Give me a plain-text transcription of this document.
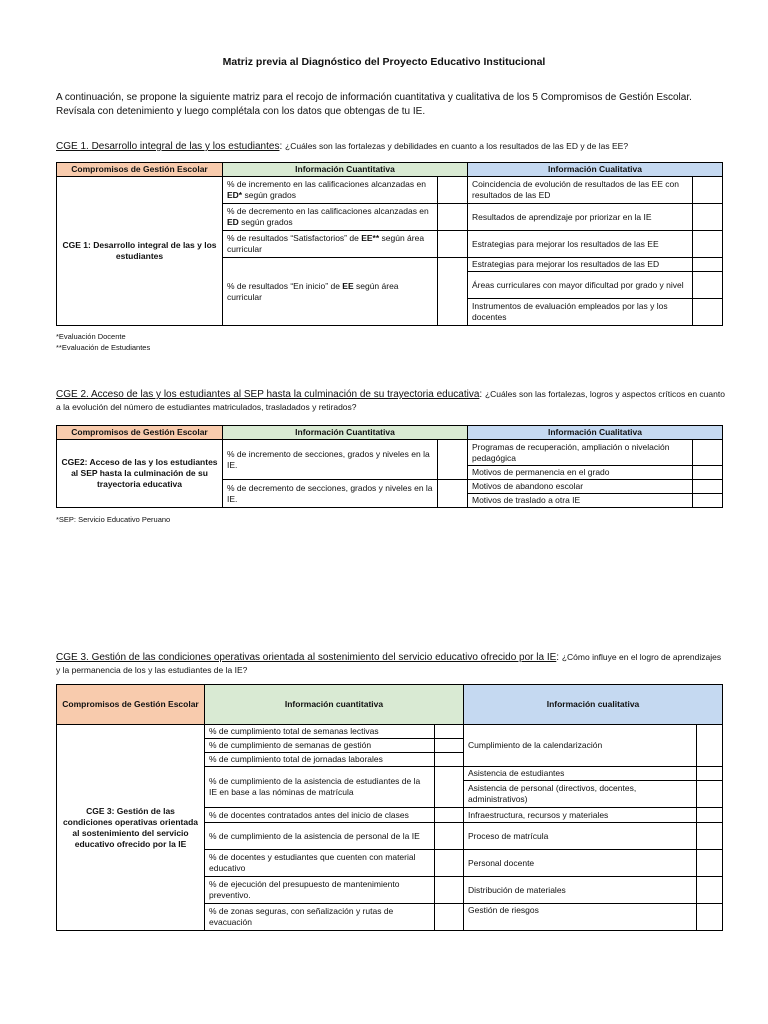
Matriz previa al Diagnóstico del Proyecto Educativo Institucional
A continuación, se propone la siguiente matriz para el recojo de información cuantitativa y cualitativa de los 5 Compromisos de Gestión Escolar. Revísala con detenimiento y luego complétala con los datos que obtengas de tu IE.
CGE 1. Desarrollo integral de las y los estudiantes: ¿Cuáles son las fortalezas y debilidades en cuanto a los resultados de las ED y de las EE?
Compromisos de Gestión Escolar	Información Cuantitativa		Información Cualitativa	
CGE 1: Desarrollo integral de las y los estudiantes	% de incremento en las calificaciones alcanzadas en ED* según grados		Coincidencia de evolución de resultados de las EE con resultados de las ED	
	% de decremento en las calificaciones alcanzadas en ED según grados		Resultados de aprendizaje por priorizar en la IE	
	% de resultados “Satisfactorios” de EE** según área curricular		Estrategias para mejorar los resultados de las EE	
	% de resultados “En inicio” de EE según área curricular		Estrategias para mejorar los resultados de las ED	
			Áreas curriculares con mayor dificultad por grado y nivel	
			Instrumentos de evaluación empleados por las y los docentes	
*Evaluación Docente
**Evaluación de Estudiantes
CGE 2. Acceso de las y los estudiantes al SEP hasta la culminación de su trayectoria educativa: ¿Cuáles son las fortalezas, logros y aspectos críticos en cuanto a la evolución del número de estudiantes matriculados, trasladados y retirados?
Compromisos de Gestión Escolar	Información Cuantitativa		Información Cualitativa	
CGE2: Acceso de las y los estudiantes al SEP hasta la culminación de su trayectoria educativa	% de incremento de secciones, grados y niveles en la IE.		Programas de recuperación, ampliación o nivelación pedagógica	
			Motivos de permanencia en el grado	
	% de decremento de secciones, grados y niveles en la IE.		Motivos de abandono escolar	
			Motivos de traslado a otra IE	
*SEP: Servicio Educativo Peruano
CGE 3. Gestión de las condiciones operativas orientada al sostenimiento del servicio educativo ofrecido por la IE: ¿Cómo influye en el logro de aprendizajes y la permanencia de los y las estudiantes de la IE?
Compromisos de Gestión Escolar	Información cuantitativa		Información cualitativa	
CGE 3: Gestión de las condiciones operativas orientada al sostenimiento del servicio educativo ofrecido por la IE	% de cumplimiento total de semanas lectivas		Cumplimiento de la calendarización	
	% de cumplimiento de semanas de gestión			
	% de cumplimiento total de jornadas laborales			
	% de cumplimiento de la asistencia de estudiantes de la IE en base a las nóminas de matrícula		Asistencia de estudiantes	
			Asistencia de personal (directivos, docentes, administrativos)	
	% de docentes contratados antes del inicio de clases		Infraestructura, recursos y materiales	
	% de cumplimiento de la asistencia de personal de la IE		Proceso de matrícula	
	% de docentes y estudiantes que cuenten con material educativo		Personal docente	
	% de ejecución del presupuesto de mantenimiento preventivo.		Distribución de materiales	
	% de zonas seguras, con señalización y rutas de evacuación		Gestión de riesgos	
